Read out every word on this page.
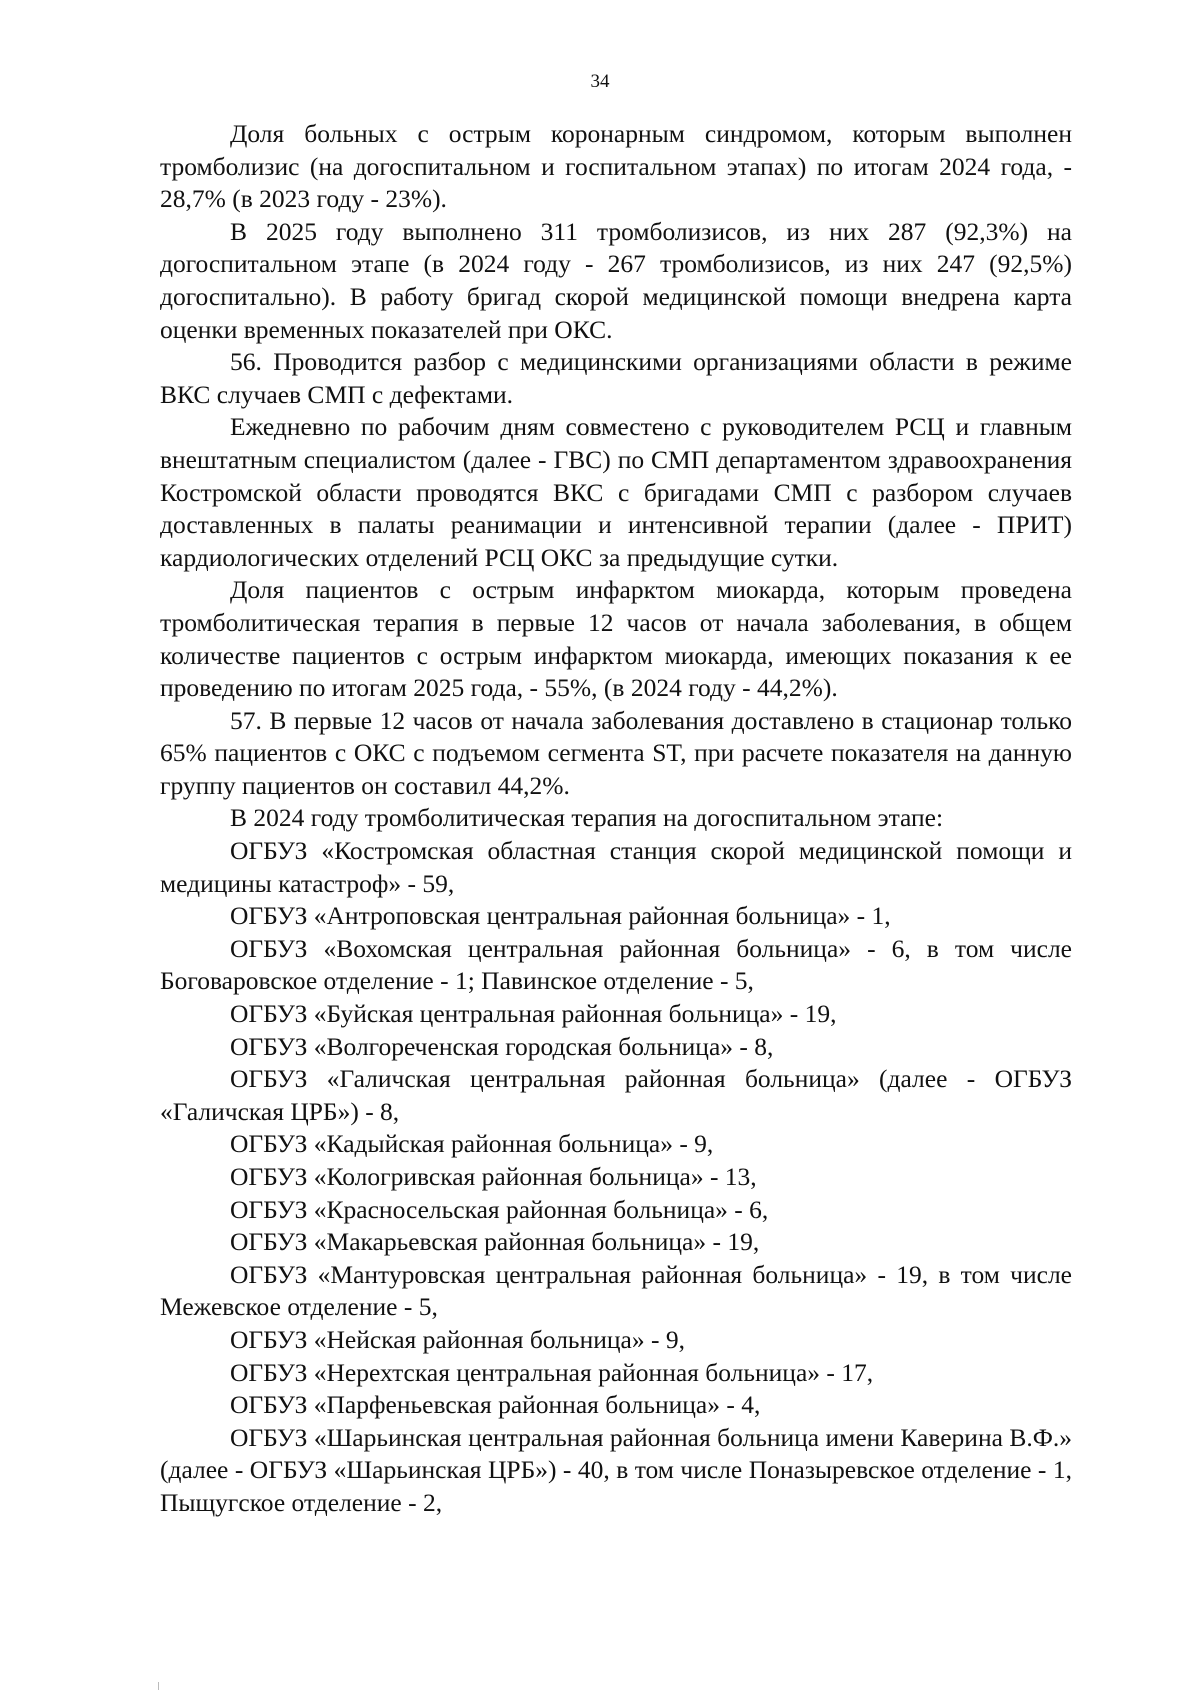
34

Доля больных с острым коронарным синдромом, которым выполнен тромболизис (на догоспитальном и госпитальном этапах) по итогам 2024 года, - 28,7% (в 2023 году - 23%).

В 2025 году выполнено 311 тромболизисов, из них 287 (92,3%) на догоспитальном этапе (в 2024 году - 267 тромболизисов, из них 247 (92,5%) догоспитально). В работу бригад скорой медицинской помощи внедрена карта оценки временных показателей при ОКС.

56. Проводится разбор с медицинскими организациями области в режиме ВКС случаев СМП с дефектами.

Ежедневно по рабочим дням совместено с руководителем РСЦ и главным внештатным специалистом (далее - ГВС) по СМП департаментом здравоохранения Костромской области проводятся ВКС с бригадами СМП с разбором случаев доставленных в палаты реанимации и интенсивной терапии (далее - ПРИТ) кардиологических отделений РСЦ ОКС за предыдущие сутки.

Доля пациентов с острым инфарктом миокарда, которым проведена тромболитическая терапия в первые 12 часов от начала заболевания, в общем количестве пациентов с острым инфарктом миокарда, имеющих показания к ее проведению по итогам 2025 года, - 55%, (в 2024 году - 44,2%).

57. В первые 12 часов от начала заболевания доставлено в стационар только 65% пациентов с ОКС с подъемом сегмента ST, при расчете показателя на данную группу пациентов он составил 44,2%.

В 2024 году тромболитическая терапия на догоспитальном этапе:

ОГБУЗ «Костромская областная станция скорой медицинской помощи и медицины катастроф» - 59,

ОГБУЗ «Антроповская центральная районная больница» - 1,

ОГБУЗ «Вохомская центральная районная больница» - 6, в том числе Боговаровское отделение - 1; Павинское отделение - 5,

ОГБУЗ «Буйская центральная районная больница» - 19,

ОГБУЗ «Волгореченская городская больница» - 8,

ОГБУЗ «Галичская центральная районная больница» (далее - ОГБУЗ «Галичская ЦРБ») - 8,

ОГБУЗ «Кадыйская районная больница» - 9,

ОГБУЗ «Кологривская районная больница» - 13,

ОГБУЗ «Красносельская районная больница» - 6,

ОГБУЗ «Макарьевская районная больница» - 19,

ОГБУЗ «Мантуровская центральная районная больница» - 19, в том числе Межевское отделение - 5,

ОГБУЗ «Нейская районная больница» - 9,

ОГБУЗ «Нерехтская центральная районная больница» - 17,

ОГБУЗ «Парфеньевская районная больница» - 4,

ОГБУЗ «Шарьинская центральная районная больница имени Каверина В.Ф.» (далее - ОГБУЗ «Шарьинская ЦРБ») - 40, в том числе Поназыревское отделение - 1, Пыщугское отделение - 2,
